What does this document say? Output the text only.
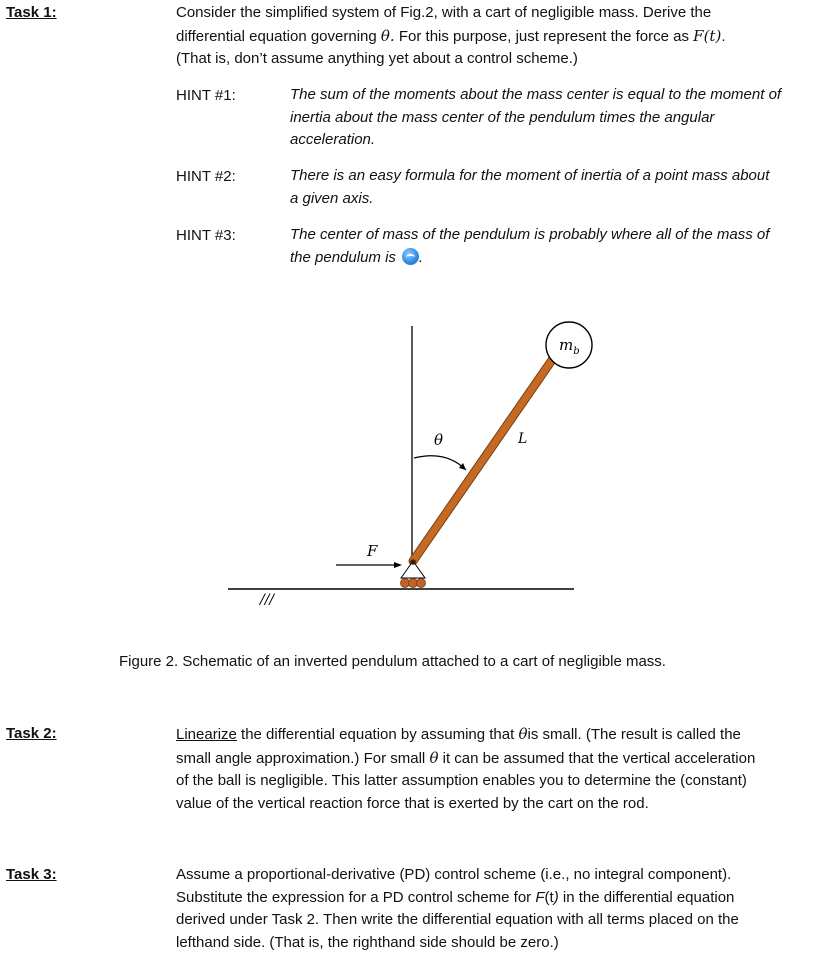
Task 1:	Consider the simplified system of Fig.2, with a cart of negligible mass. Derive the
differential equation governing θ. For this purpose, just represent the force as F(t).
(That is, don’t assume anything yet about a control scheme.)
HINT #1:	The sum of the moments about the mass center is equal to the moment of
inertia about the mass center of the pendulum times the angular
acceleration.
HINT #2:	There is an easy formula for the moment of inertia of a point mass about
a given axis.
HINT #3:	The center of mass of the pendulum is probably where all of the mass of
the pendulum is .
$m_b$
θ	L
///
F
Figure 2. Schematic of an inverted pendulum attached to a cart of negligible mass.
Task 2:	Linearize the differential equation by assuming that θis small. (The result is called the
small angle approximation.) For small θ it can be assumed that the vertical acceleration
of the ball is negligible. This latter assumption enables you to determine the (constant)
value of the vertical reaction force that is exerted by the cart on the rod.
Task 3:	Assume a proportional-derivative (PD) control scheme (i.e., no integral component).
Substitute the expression for a PD control scheme for F(t) in the differential equation
derived under Task 2. Then write the differential equation with all terms placed on the
lefthand side. (That is, the righthand side should be zero.)
